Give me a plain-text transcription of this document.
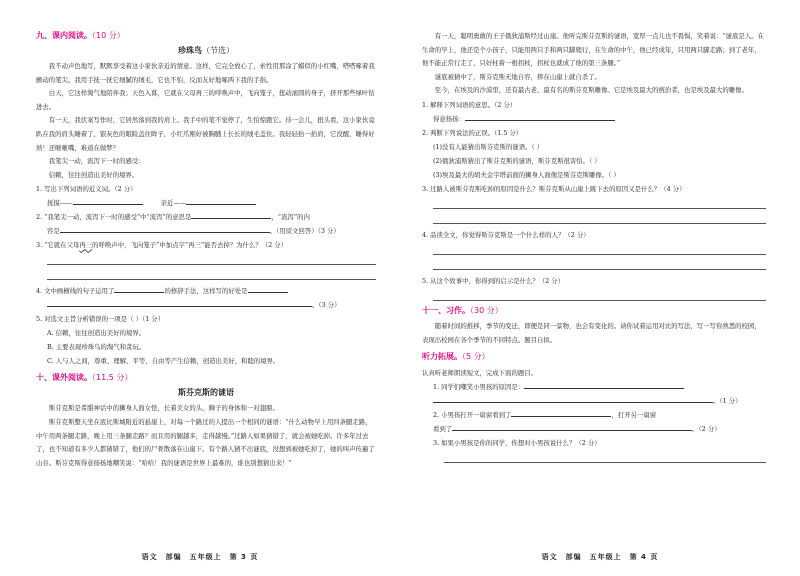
九、课内阅读。（10 分）
珍珠鸟（节选）

我不动声色地写，默默享受着这小家伙亲近的情意。这样，它完全放心了，索性用那涂了蜡似的小红嘴，嗒嗒啄着我颤动的笔尖。我用手抚一抚它细腻的绒毛，它也不怕，反而友好地啄两下我的手指。

白天，它这样淘气地陪伴我；天色入暮，它就在父母再三的呼唤声中，飞向笼子，扭动滚圆的身子，挤开那些绿叶钻进去。

有一天，我伏案写作时，它居然落到我的肩上。我手中的笔不觉停了，生怕惊跑它。待一会儿，扭头看，这小家伙竟趴在我的肩头睡着了，银灰色的眼睑盖住眸子，小红爪刚好被胸脯上长长的绒毛盖住。我轻轻抬一抬肩，它没醒，睡得好熟！还咂咂嘴，难道在做梦？

我笔尖一动，流泻下一时的感受：

信赖，往往创造出美好的境界。

1. 写出下列词语的近义词。（2 分）

抚摸——	亲近——

2. “我笔尖一动，流泻下一时的感受”中“流泻”的意思是	，“流泻”的内

容是	。（用原文回答）（3 分）

3. “它就在父母再三的呼唤声中，飞向笼子”中加点字“再三”能否去掉？为什么？（2 分）

4. 文中画横线的句子运用了	的修辞手法，这样写的好处是

。（3 分）

5. 对选文主旨分析错误的一项是（ ）（1 分）

A. 信赖，往往创造出美好的境界。

B. 主要表现珍珠鸟的淘气和贪玩。

C. 人与人之间，尊重、理解、平等、自由等产生信赖，创造出美好、和睦的境界。

十、课外阅读。（11.5 分）
斯芬克斯的谜语

斯芬克斯是希腊神话中的狮身人面女怪，长着美女的头、狮子的身体和一对翅膀。

斯芬克斯整天坐在底比斯城附近的悬崖上，对每一个路过的人提出一个相同的谜语：“什么动物早上用四条腿走路，中午用两条腿走路，晚上用三条腿走路？而且用的腿越多，走得越慢。”过路人如果猜错了，就会被她吃掉。许多年过去了，也不知道有多少人都猜错了，他们的尸骨散落在山崖下。有个路人猜不出谜底，没想到被她吃掉了，她的叫声传遍了山谷。斯芬克斯得意扬扬地嘲笑说：“哈哈！我的谜语是世界上最难的，谁也别想猜出来！”

语文　部编　五年级上　第 3 页

有一天，聪明勇敢的王子俄狄浦斯经过山崖。他听完斯芬克斯的谜语，宽厚一点儿也不畏惧，笑着说：“谜底是人。在生命的早上，他还是个小孩子，只能用两只手和两只脚爬行，在生命的中午，他已经成年，只用两只脚走路；到了老年，他不能正常行走了，只好柱着一根拐杖，拐杖也就成了他的第三条腿。”

谜底被猜中了，斯芬克斯无地自容，摔在山崖上就自杀了。

至今，在埃及的沙漠里，还有最古老、最有名的斯芬克斯雕像。它是埃及最大的统治者，也是埃及最大的雕像。

1. 解释下列词语的意思。（2 分）

得意扬扬：

2. 判断下列说法的正误。（1.5 分）

(1)没有人能猜出斯芬克斯的谜语。（ ）

(2)俄狄浦斯猜出了斯芬克斯的谜语，斯芬克斯很害怕。（ ）

(3)埃及最大的胡夫金字塔前面的狮身人面像是斯芬克斯雕像。（ ）

3. 过路人被斯芬克斯吃掉的原因是什么？斯芬克斯从山崖上跳下去的原因又是什么？（4 分）

4. 品读全文，你觉得斯芬克斯是一个什么样的人？（2 分）

5. 从这个故事中，你得到的启示是什么？（2 分）

十一、习作。（30 分）

随着时间的推移，季节的变迁，即便是同一景物，也会有变化的。请你试着运用对比的写法，写一写你熟悉的校园，表现出校园在各个季节的不同特点。题目自拟。

听力拓展。（5 分）

认真听老师朗读短文，完成下面的题目。

1. 同学们嘲笑小男孩的原因是：

。（1 分）

2. 小男孩打开一扇窗看到了	，打开另一扇窗

看到了	。（2 分）

3. 如果小男孩是你的同学，你想对小男孩说什么？（2 分）

语文　部编　五年级上　第 4 页
